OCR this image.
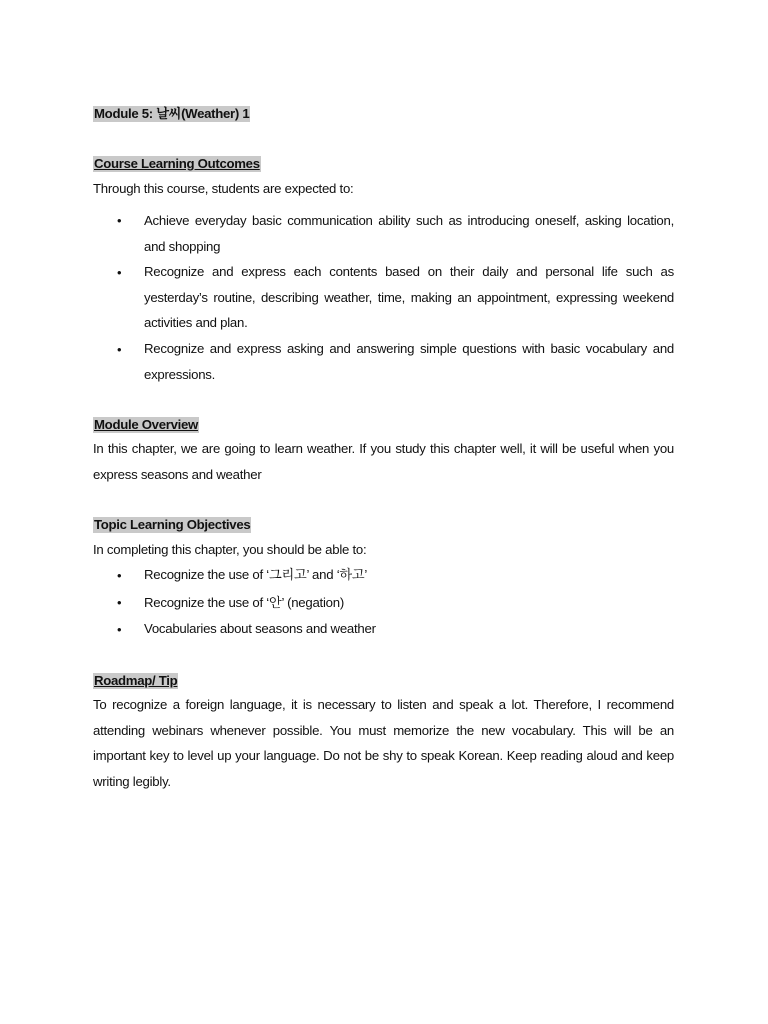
Module 5: 날씨(Weather) 1
Course Learning Outcomes
Through this course, students are expected to:
•	Achieve everyday basic communication ability such as introducing oneself, asking location, and shopping
•	Recognize and express each contents based on their daily and personal life such as yesterday’s routine, describing weather, time, making an appointment, expressing weekend activities and plan.
•	Recognize and express asking and answering simple questions with basic vocabulary and expressions.
Module Overview
In this chapter, we are going to learn weather. If you study this chapter well, it will be useful when you express seasons and weather
Topic Learning Objectives
In completing this chapter, you should be able to:
•	Recognize the use of ‘그리고’ and ‘하고’
•	Recognize the use of ‘안’ (negation)
•	Vocabularies about seasons and weather
Roadmap/ Tip
To recognize a foreign language, it is necessary to listen and speak a lot. Therefore, I recommend attending webinars whenever possible. You must memorize the new vocabulary. This will be an important key to level up your language. Do not be shy to speak Korean. Keep reading aloud and keep writing legibly.
